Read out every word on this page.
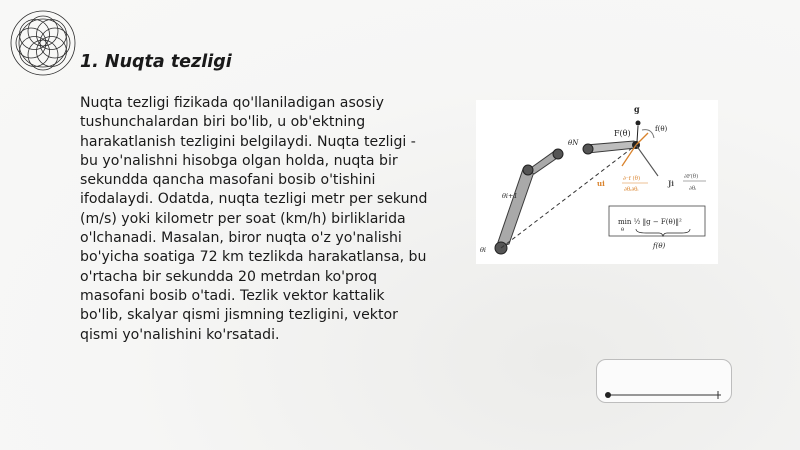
1. Nuqta tezligi

Nuqta tezligi fizikada qo'llaniladigan asosiy tushunchalardan biri bo'lib, u ob'ektning harakatlanish tezligini belgilaydi. Nuqta tezligi - bu yo'nalishni hisobga olgan holda, nuqta bir sekundda qancha masofani bosib o'tishini ifodalaydi. Odatda, nuqta tezligi metr per sekund (m/s) yoki kilometr per soat (km/h) birliklarida o'lchanadi. Masalan, biror nuqta o'z yo'nalishi bo'yicha soatiga 72 km tezlikda harakatlansa, bu o'rtacha bir sekundda 20 metrdan ko'proq masofani bosib o'tadi. Tezlik vektor kattalik bo'lib, skalyar qismi jismning tezligini, vektor qismi yo'nalishini ko'rsatadi.

g
F(θ)	f(θ)
θN
θi+1
θi
ui	∂⁻f (θ)
∂θᵢ∂θᵢ
Ji
∂F(θ)
∂θᵢ
min ½ ‖g − F(θ)‖²
θ
f(θ)
